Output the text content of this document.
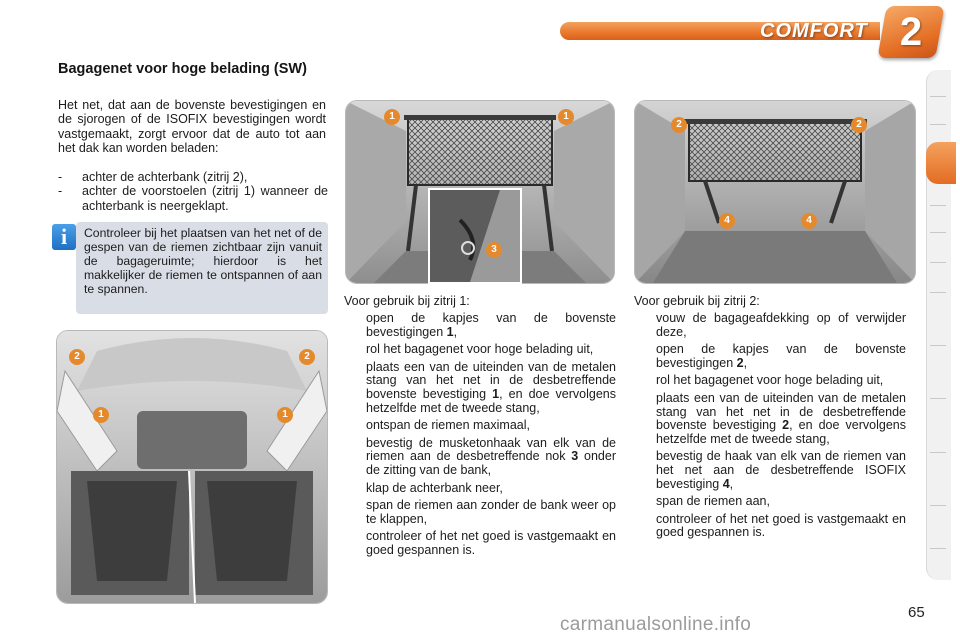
COMFORT 2
Bagagenet voor hoge belading (SW)
Het net, dat aan de bovenste bevestigingen en de sjorogen of de ISOFIX bevestigingen wordt vastgemaakt, zorgt ervoor dat de auto tot aan het dak kan worden beladen:
- achter de achterbank (zitrij 2),
- achter de voorstoelen (zitrij 1) wanneer de achterbank is neergeklapt.
i	Controleer bij het plaatsen van het net of de gespen van de riemen zichtbaar zijn vanuit de bagageruimte; hierdoor is het makkelijker de riemen te ontspannen of aan te spannen.
1	1
3
2	2
4	4
2	2
1	1
Voor gebruik bij zitrij 1:
open de kapjes van de bovenste bevestigingen 1,
rol het bagagenet voor hoge belading uit,
plaats een van de uiteinden van de metalen stang van het net in de desbetreffende bovenste bevestiging 1, en doe vervolgens hetzelfde met de tweede stang,
ontspan de riemen maximaal,
bevestig de musketonhaak van elk van de riemen aan de desbetreffende nok 3 onder de zitting van de bank,
klap de achterbank neer,
span de riemen aan zonder de bank weer op te klappen,
controleer of het net goed is vastgemaakt en goed gespannen is.
Voor gebruik bij zitrij 2:
vouw de bagageafdekking op of verwijder deze,
open de kapjes van de bovenste bevestigingen 2,
rol het bagagenet voor hoge belading uit,
plaats een van de uiteinden van de metalen stang van het net in de desbetreffende bovenste bevestiging 2, en doe vervolgens hetzelfde met de tweede stang,
bevestig de haak van elk van de riemen van het net aan de desbetreffende ISOFIX bevestiging 4,
span de riemen aan,
controleer of het net goed is vastgemaakt en goed gespannen is.
65
carmanualsonline.info
